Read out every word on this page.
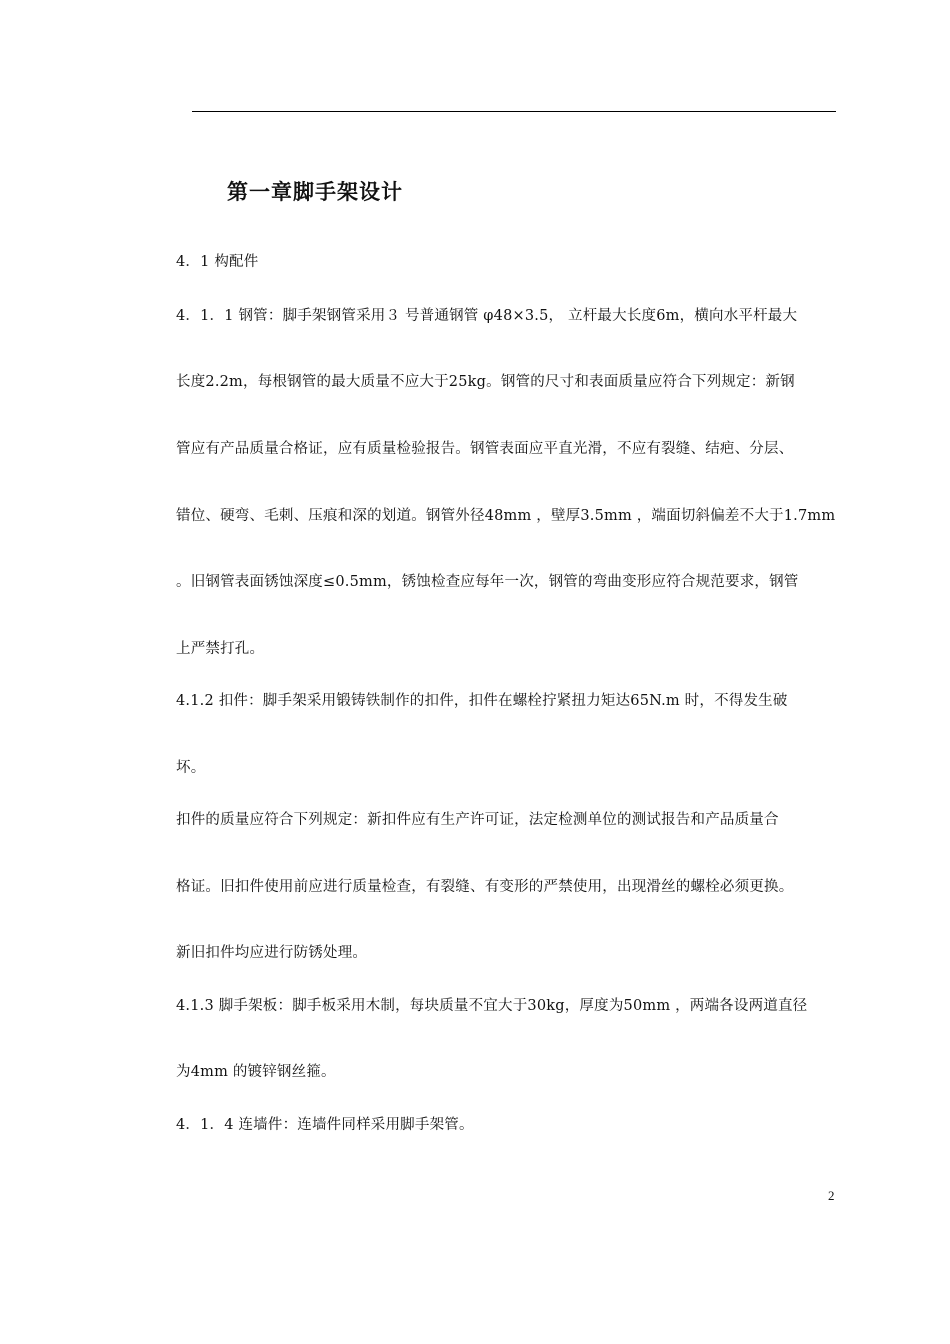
第一章脚手架设计
4．1 构配件
4．1．1 钢管：脚手架钢管采用３ 号普通钢管 φ48×3.5， 立杆最大长度6m，横向水平杆最大
长度2.2m，每根钢管的最大质量不应大于25kg。钢管的尺寸和表面质量应符合下列规定：新钢
管应有产品质量合格证，应有质量检验报告。钢管表面应平直光滑，不应有裂缝、结疤、分层、
错位、硬弯、毛刺、压痕和深的划道。钢管外径48mm ，壁厚3.5mm ，端面切斜偏差不大于1.7mm
。旧钢管表面锈蚀深度≤0.5mm，锈蚀检查应每年一次，钢管的弯曲变形应符合规范要求，钢管
上严禁打孔。
4.1.2 扣件：脚手架采用锻铸铁制作的扣件，扣件在螺栓拧紧扭力矩达65N.m 时，不得发生破
坏。
扣件的质量应符合下列规定：新扣件应有生产许可证，法定检测单位的测试报告和产品质量合
格证。旧扣件使用前应进行质量检查，有裂缝、有变形的严禁使用，出现滑丝的螺栓必须更换。
新旧扣件均应进行防锈处理。
4.1.3 脚手架板：脚手板采用木制，每块质量不宜大于30kg，厚度为50mm ，两端各设两道直径
为4mm 的镀锌钢丝箍。
4．1．4 连墙件：连墙件同样采用脚手架管。
2
